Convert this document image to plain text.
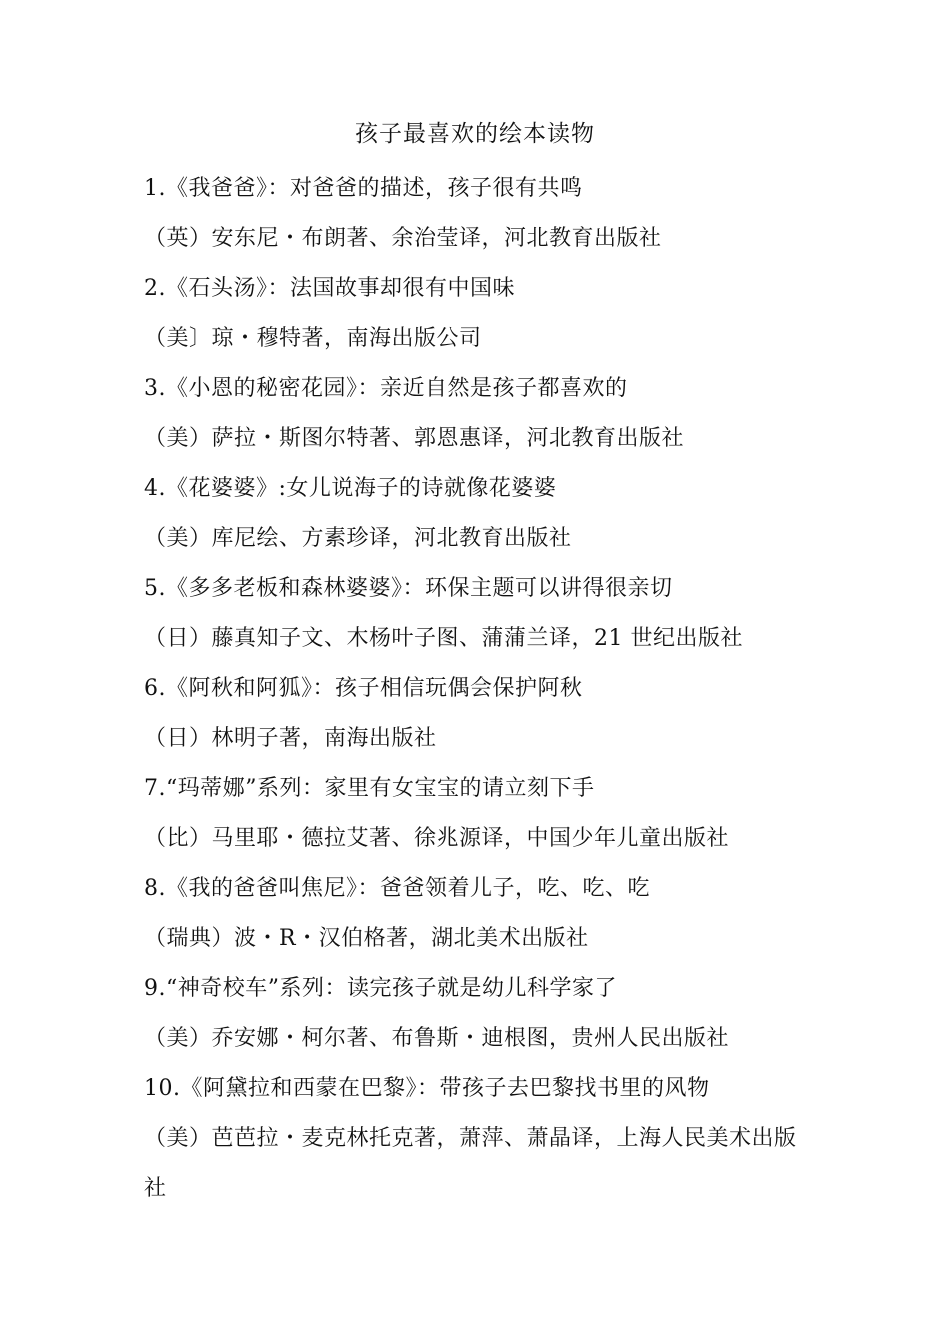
孩子最喜欢的绘本读物
1.《我爸爸》：对爸爸的描述，孩子很有共鸣
（英）安东尼・布朗著、余治莹译，河北教育出版社
2.《石头汤》：法国故事却很有中国味
（美〕琼・穆特著，南海出版公司
3.《小恩的秘密花园》：亲近自然是孩子都喜欢的
（美）萨拉・斯图尔特著、郭恩惠译，河北教育出版社
4.《花婆婆》:女儿说海子的诗就像花婆婆
（美）库尼绘、方素珍译，河北教育出版社
5.《多多老板和森林婆婆》：环保主题可以讲得很亲切
（日）藤真知子文、木杨叶子图、蒲蒲兰译，21 世纪出版社
6.《阿秋和阿狐》：孩子相信玩偶会保护阿秋
（日）林明子著，南海出版社
7.“玛蒂娜”系列：家里有女宝宝的请立刻下手
（比）马里耶・德拉艾著、徐兆源译，中国少年儿童出版社
8.《我的爸爸叫焦尼》：爸爸领着儿子，吃、吃、吃
（瑞典）波・R・汉伯格著，湖北美术出版社
9.“神奇校车”系列：读完孩子就是幼儿科学家了
（美）乔安娜・柯尔著、布鲁斯・迪根图，贵州人民出版社
10.《阿黛拉和西蒙在巴黎》：带孩子去巴黎找书里的风物
（美）芭芭拉・麦克林托克著，萧萍、萧晶译，上海人民美术出版社
